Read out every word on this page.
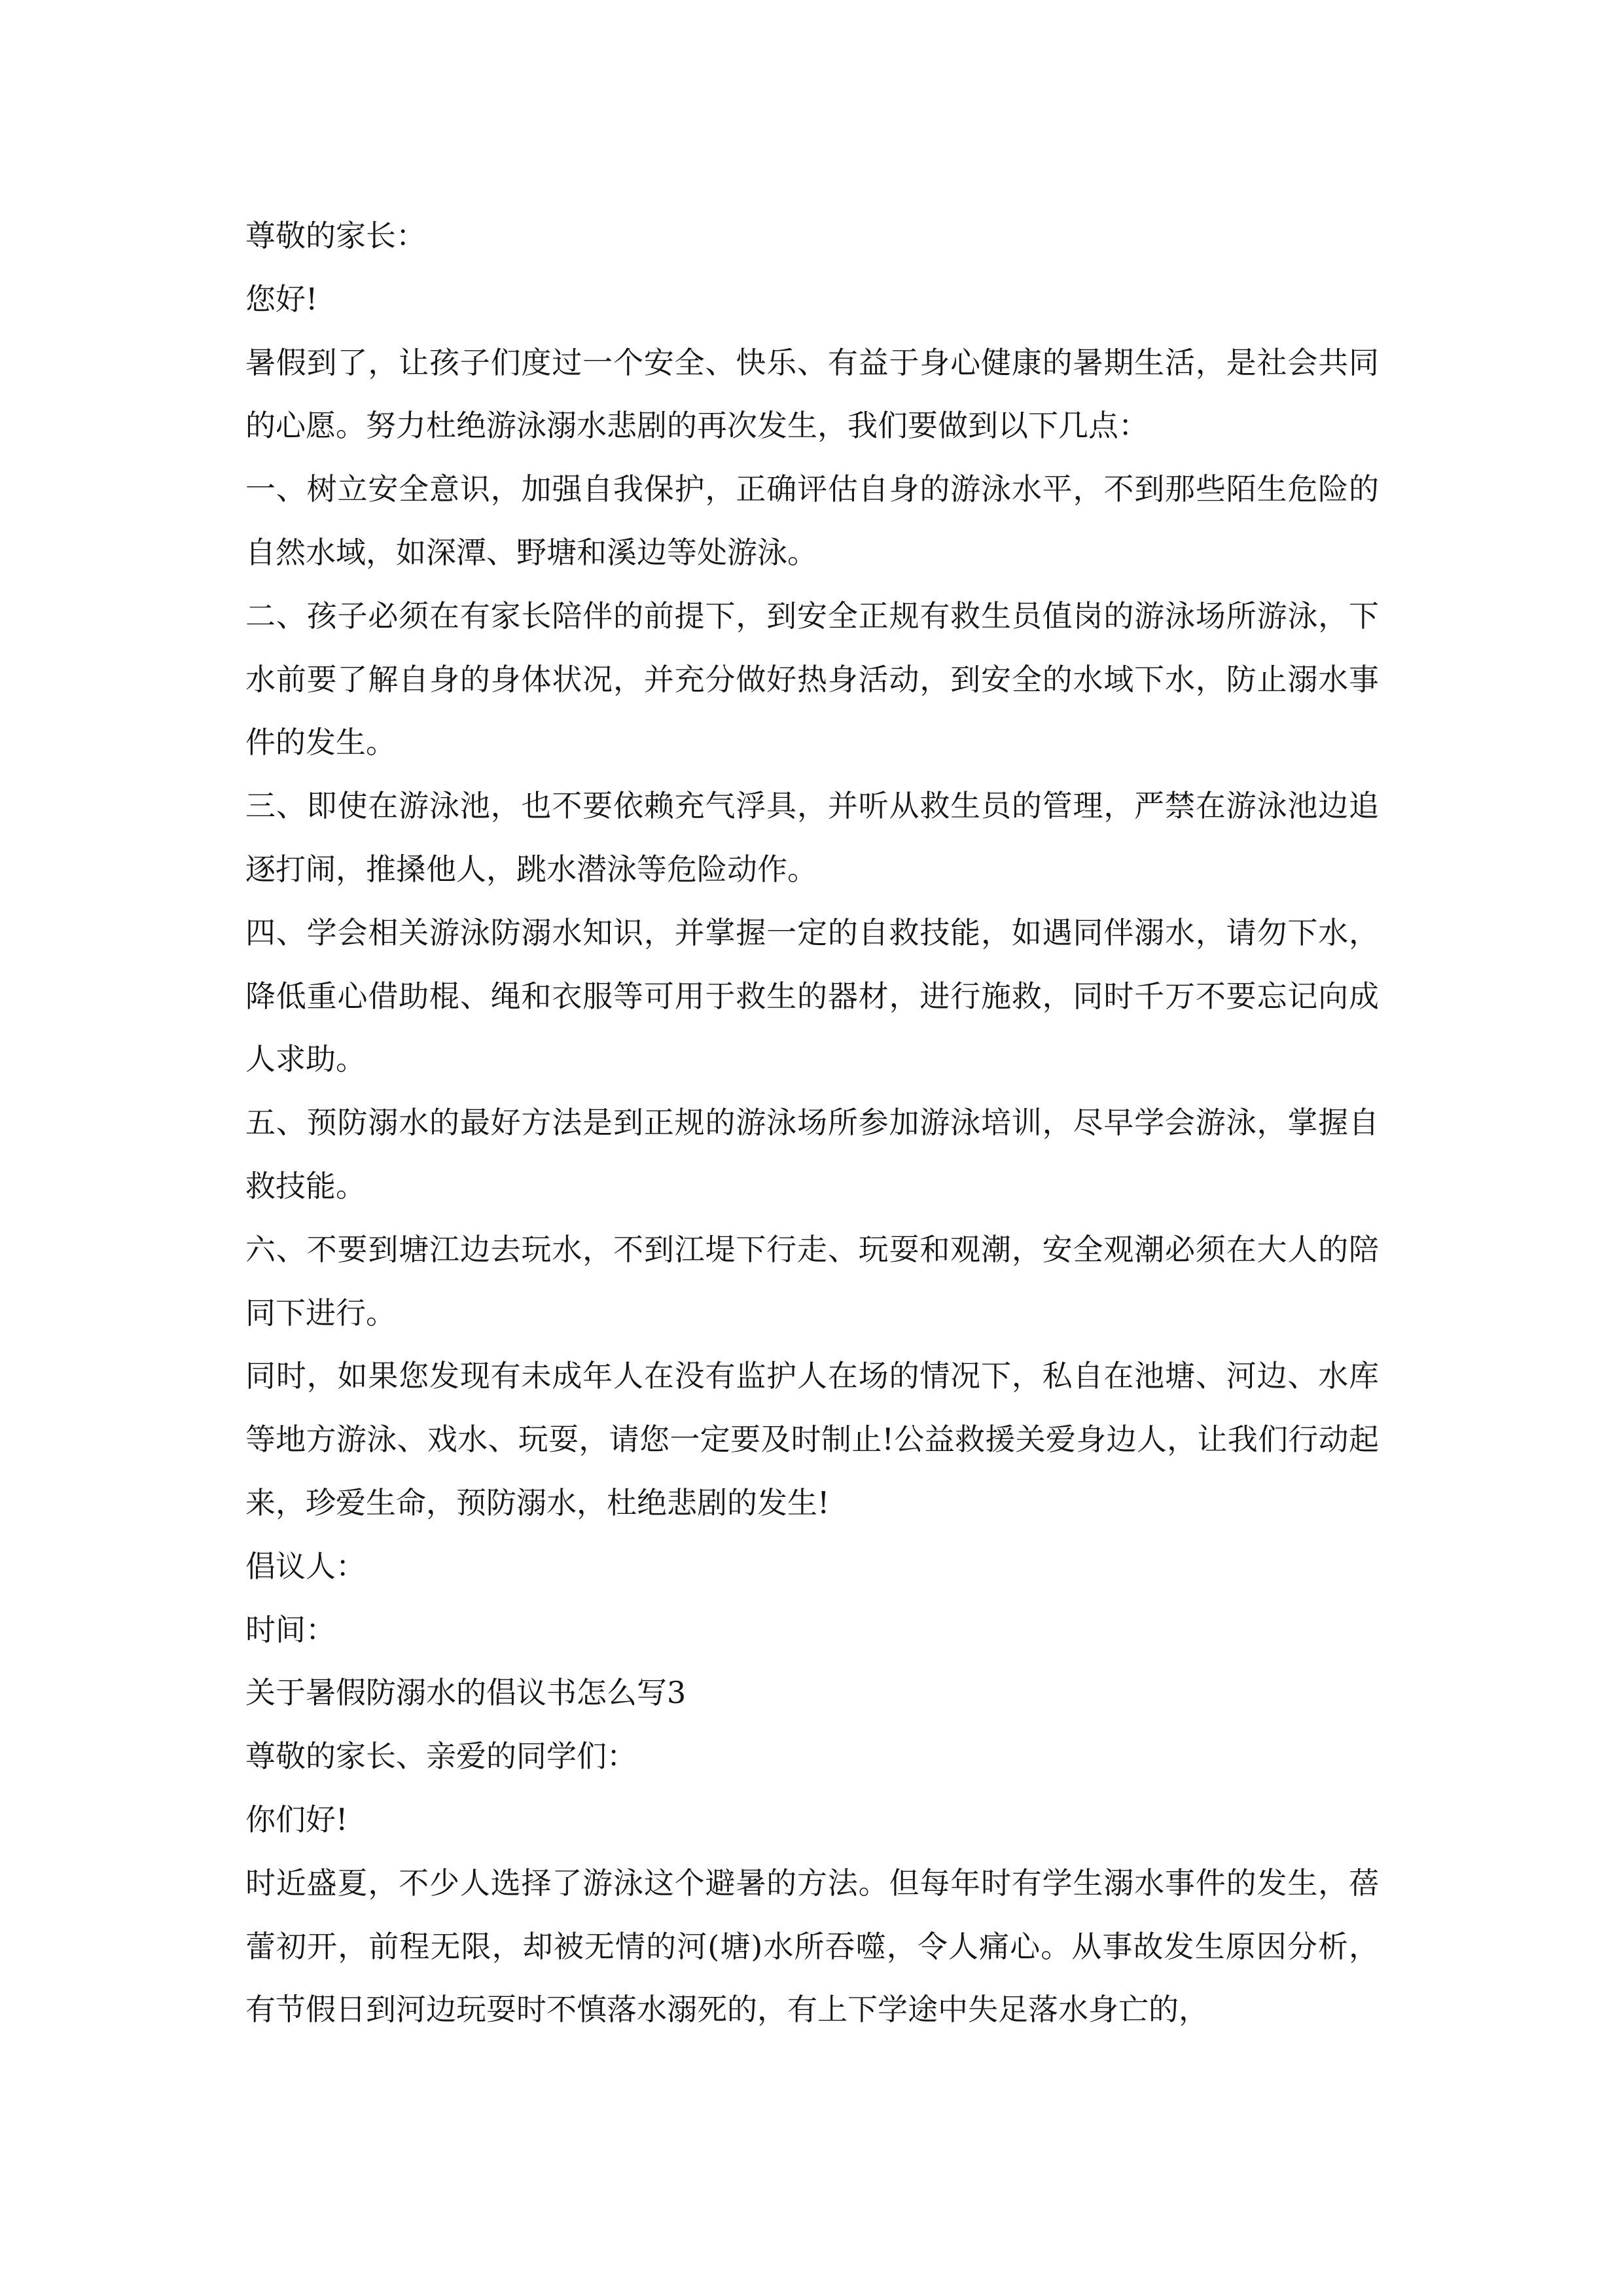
尊敬的家长：

您好!

暑假到了，让孩子们度过一个安全、快乐、有益于身心健康的暑期生活，是社会共同的心愿。努力杜绝游泳溺水悲剧的再次发生，我们要做到以下几点：

一、树立安全意识，加强自我保护，正确评估自身的游泳水平，不到那些陌生危险的自然水域，如深潭、野塘和溪边等处游泳。

二、孩子必须在有家长陪伴的前提下，到安全正规有救生员值岗的游泳场所游泳，下水前要了解自身的身体状况，并充分做好热身活动，到安全的水域下水，防止溺水事件的发生。

三、即使在游泳池，也不要依赖充气浮具，并听从救生员的管理，严禁在游泳池边追逐打闹，推搡他人，跳水潜泳等危险动作。

四、学会相关游泳防溺水知识，并掌握一定的自救技能，如遇同伴溺水，请勿下水，降低重心借助棍、绳和衣服等可用于救生的器材，进行施救，同时千万不要忘记向成人求助。

五、预防溺水的最好方法是到正规的游泳场所参加游泳培训，尽早学会游泳，掌握自救技能。

六、不要到塘江边去玩水，不到江堤下行走、玩耍和观潮，安全观潮必须在大人的陪同下进行。

同时，如果您发现有未成年人在没有监护人在场的情况下，私自在池塘、河边、水库等地方游泳、戏水、玩耍，请您一定要及时制止!公益救援关爱身边人，让我们行动起来，珍爱生命，预防溺水，杜绝悲剧的发生!

倡议人：

时间：

关于暑假防溺水的倡议书怎么写3

尊敬的家长、亲爱的同学们：

你们好!

时近盛夏，不少人选择了游泳这个避暑的方法。但每年时有学生溺水事件的发生，蓓蕾初开，前程无限，却被无情的河(塘)水所吞噬，令人痛心。从事故发生原因分析，有节假日到河边玩耍时不慎落水溺死的，有上下学途中失足落水身亡的，
